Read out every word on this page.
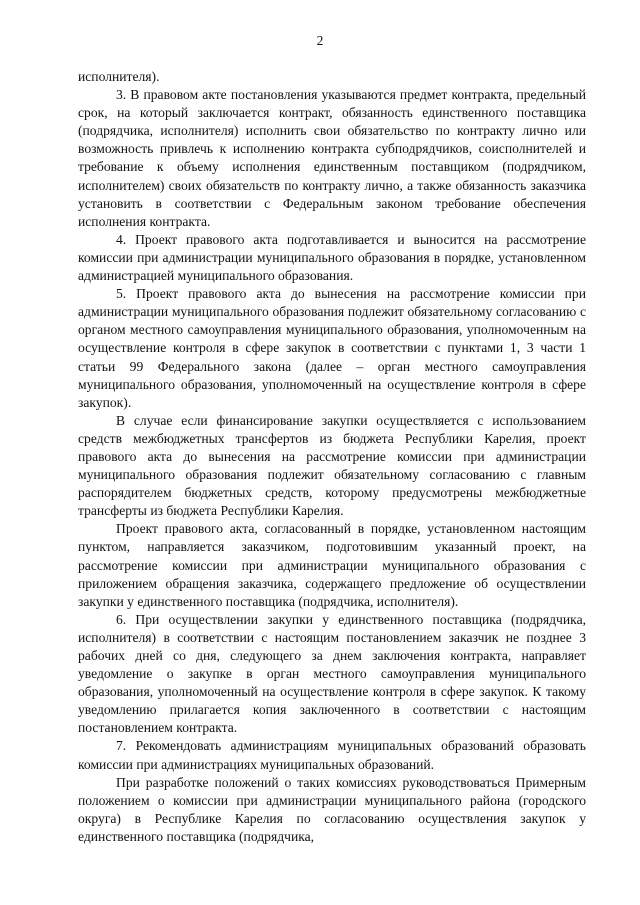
2

исполнителя).

3. В правовом акте постановления указываются предмет контракта, предельный срок, на который заключается контракт, обязанность единственного поставщика (подрядчика, исполнителя) исполнить свои обязательство по контракту лично или возможность привлечь к исполнению контракта субподрядчиков, соисполнителей и требование к объему исполнения единственным поставщиком (подрядчиком, исполнителем) своих обязательств по контракту лично, а также обязанность заказчика установить в соответствии с Федеральным законом требование обеспечения исполнения контракта.

4. Проект правового акта подготавливается и выносится на рассмотрение комиссии при администрации муниципального образования в порядке, установленном администрацией муниципального образования.

5. Проект правового акта до вынесения на рассмотрение комиссии при администрации муниципального образования подлежит обязательному согласованию с органом местного самоуправления муниципального образования, уполномоченным на осуществление контроля в сфере закупок в соответствии с пунктами 1, 3 части 1 статьи 99 Федерального закона (далее – орган местного самоуправления муниципального образования, уполномоченный на осуществление контроля в сфере закупок).

В случае если финансирование закупки осуществляется с использованием средств межбюджетных трансфертов из бюджета Республики Карелия, проект правового акта до вынесения на рассмотрение комиссии при администрации муниципального образования подлежит обязательному согласованию с главным распорядителем бюджетных средств, которому предусмотрены межбюджетные трансферты из бюджета Республики Карелия.

Проект правового акта, согласованный в порядке, установленном настоящим пунктом, направляется заказчиком, подготовившим указанный проект, на рассмотрение комиссии при администрации муниципального образования с приложением обращения заказчика, содержащего предложение об осуществлении закупки у единственного поставщика (подрядчика, исполнителя).

6. При осуществлении закупки у единственного поставщика (подрядчика, исполнителя) в соответствии с настоящим постановлением заказчик не позднее 3 рабочих дней со дня, следующего за днем заключения контракта, направляет уведомление о закупке в орган местного самоуправления муниципального образования, уполномоченный на осуществление контроля в сфере закупок. К такому уведомлению прилагается копия заключенного в соответствии с настоящим постановлением контракта.

7. Рекомендовать администрациям муниципальных образований образовать комиссии при администрациях муниципальных образований.

При разработке положений о таких комиссиях руководствоваться Примерным положением о комиссии при администрации муниципального района (городского округа) в Республике Карелия по согласованию осуществления закупок у единственного поставщика (подрядчика,
